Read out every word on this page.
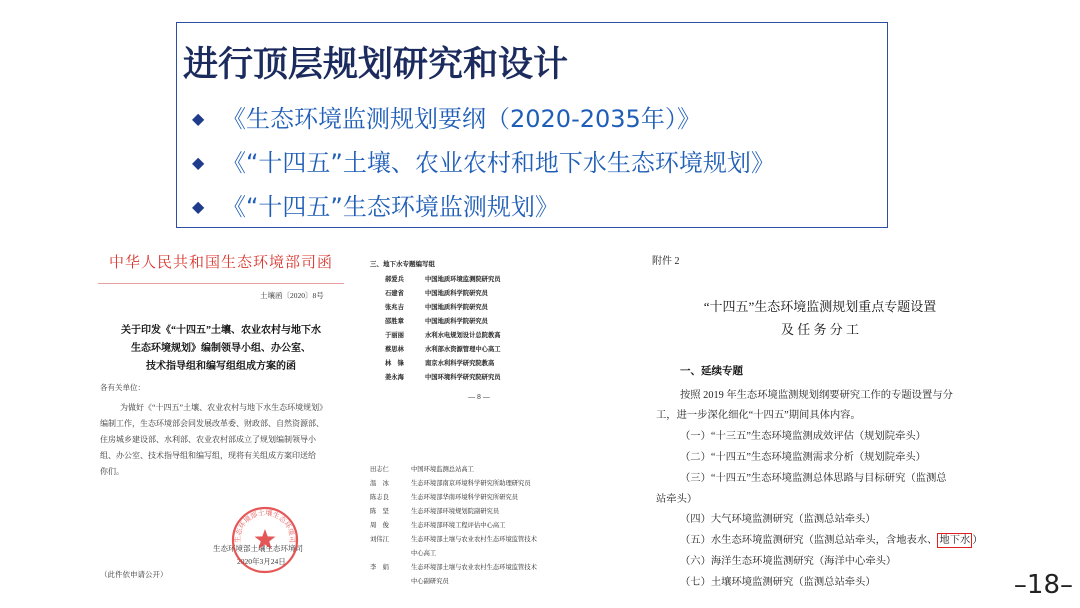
进行顶层规划研究和设计
◆ 《生态环境监测规划要纲（2020-2035年）》
◆ 《“十四五”土壤、农业农村和地下水生态环境规划》
◆ 《“十四五”生态环境监测规划》
中华人民共和国生态环境部司函
土壤函〔2020〕8号
关于印发《“十四五”土壤、农业农村与地下水
生态环境规划》编制领导小组、办公室、
技术指导组和编写组组成方案的函
各有关单位：
为做好《“十四五”土壤、农业农村与地下水生态环境规划》
编制工作，生态环境部会同发展改革委、财政部、自然资源部、
住房城乡建设部、水利部、农业农村部成立了规划编制领导小
组、办公室、技术指导组和编写组，现将有关组成方案印送给
你们。
生态环境部土壤生态环境司
2020年3月24日
（此件依申请公开）
生态环境部土壤生态环境司
三、地下水专题编写组
郝爱兵	中国地质环境监测院研究员
石建省	中国地质科学院研究员
张兆吉	中国地质科学院研究员
邵胜章	中国地质科学院研究员
于丽丽	水利水电规划设计总院教高
蔡思林	水利部水资源管理中心高工
林　锋	南京水利科学研究院教高
姜永海	中国环境科学研究院研究员
— 8 —
田志仁	中国环境监测总站高工
温　冰	生态环境部南京环境科学研究所助理研究员
陈志良	生态环境部华南环境科学研究所研究员
陈　坚	生态环境部环境规划院副研究员
周　俊	生态环境部环境工程评估中心高工
刘伟江	生态环境部土壤与农业农村生态环境监管技术
中心高工
李　娟	生态环境部土壤与农业农村生态环境监管技术
中心副研究员
附件 2
“十四五”生态环境监测规划重点专题设置
及 任 务 分 工
一、延续专题
按照 2019 年生态环境监测规划纲要研究工作的专题设置与分
工，进一步深化细化“十四五”期间具体内容。
（一）“十三五”生态环境监测成效评估（规划院牵头）
（二）“十四五”生态环境监测需求分析（规划院牵头）
（三）“十四五”生态环境监测总体思路与目标研究（监测总
站牵头）
（四）大气环境监测研究（监测总站牵头）
（五）水生态环境监测研究（监测总站牵头，含地表水、 地下水 ）
（六）海洋生态环境监测研究（海洋中心牵头）
（七）土壤环境监测研究（监测总站牵头）	–18–
